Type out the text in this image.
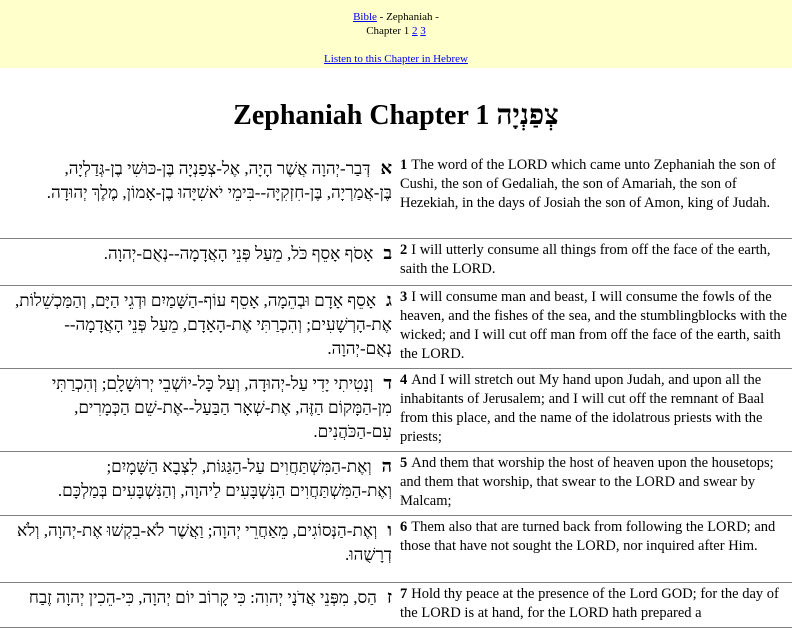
Bible - Zephaniah -
Chapter 1 2 3
Listen to this Chapter in Hebrew
Zephaniah Chapter 1 צְפַנְיָה
אדְּבַר-יְהוָה אֲשֶׁר הָיָה, אֶל-צְפַנְיָה בֶּן-כּוּשִׁי בֶן-גְּדַלְיָה, בֶּן-אֲמַרְיָה, בֶּן-חִזְקִיָּה--בִּימֵי יֹאשִׁיָּהוּ בֶן-אָמוֹן, מֶלֶךְ יְהוּדָה.	1 The word of the LORD which came unto Zephaniah the son of Cushi, the son of Gedaliah, the son of Amariah, the son of Hezekiah, in the days of Josiah the son of Amon, king of Judah.
באָסֹף אָסֵף כֹּל, מֵעַל פְּנֵי הָאֲדָמָה--נְאֻם-יְהוָה.	2 I will utterly consume all things from off the face of the earth, saith the LORD.
גאָסֵף אָדָם וּבְהֵמָה, אָסֵף עוֹף-הַשָּׁמַיִם וּדְגֵי הַיָּם, וְהַמַּכְשֵׁלוֹת, אֶת-הָרְשָׁעִים; וְהִכְרַתִּי אֶת-הָאָדָם, מֵעַל פְּנֵי הָאֲדָמָה--נְאֻם-יְהוָה.	3 I will consume man and beast, I will consume the fowls of the heaven, and the fishes of the sea, and the stumblingblocks with the wicked; and I will cut off man from off the face of the earth, saith the LORD.
דוְנָטִיתִי יָדִי עַל-יְהוּדָה, וְעַל כָּל-יוֹשְׁבֵי יְרוּשָׁלָ‍ִם; וְהִכְרַתִּי מִן-הַמָּקוֹם הַזֶּה, אֶת-שְׁאָר הַבַּעַל--אֶת-שֵׁם הַכְּמָרִים, עִם-הַכֹּהֲנִים.	4 And I will stretch out My hand upon Judah, and upon all the inhabitants of Jerusalem; and I will cut off the remnant of Baal from this place, and the name of the idolatrous priests with the priests;
הוְאֶת-הַמִּשְׁתַּחֲוִים עַל-הַגַּגּוֹת, לִצְבָא הַשָּׁמָיִם; וְאֶת-הַמִּשְׁתַּחֲוִים הַנִּשְׁבָּעִים לַיהוָה, וְהַנִּשְׁבָּעִים בְּמַלְכָּם.	5 And them that worship the host of heaven upon the housetops; and them that worship, that swear to the LORD and swear by Malcam;
ווְאֶת-הַנְּסוֹגִים, מֵאַחֲרֵי יְהוָה; וַאֲשֶׁר לֹא-בִקְשׁוּ אֶת-יְהוָה, וְלֹא דְרָשֻׁהוּ.	6 Them also that are turned back from following the LORD; and those that have not sought the LORD, nor inquired after Him.
זהַס, מִפְּנֵי אֲדֹנָי יְהוִה: כִּי קָרוֹב יוֹם יְהוָה, כִּי-הֵכִין יְהוָה זֶבַח	7 Hold thy peace at the presence of the Lord GOD; for the day of the LORD is at hand, for the LORD hath prepared a
